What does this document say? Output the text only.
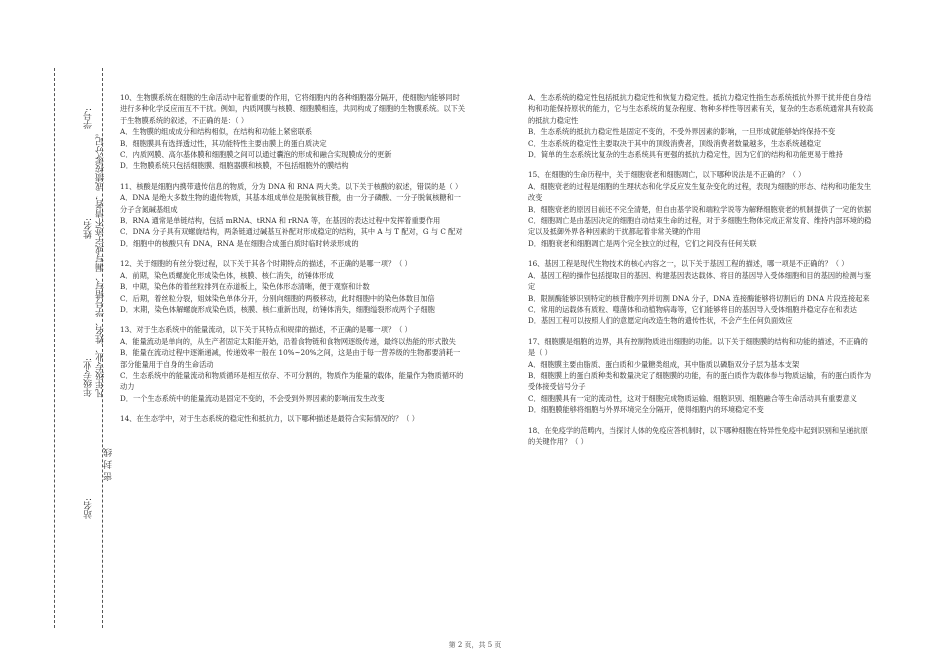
学号:
姓名:
年级专业:
站名:
凡年级专业、姓名、学号错写、漏写或字迹不清者，成绩按零分记。
密 封 线

10、生物膜系统在细胞的生命活动中起着重要的作用，它将细胞内的各种细胞器分隔开，使细胞内能够同时进行多种化学反应而互不干扰。例如，内质网膜与核膜、细胞膜相连，共同构成了细胞的生物膜系统。以下关于生物膜系统的叙述，不正确的是：（ ）

A．生物膜的组成成分和结构相似，在结构和功能上紧密联系

B．细胞膜具有选择透过性，其功能特性主要由膜上的蛋白质决定

C．内质网膜、高尔基体膜和细胞膜之间可以通过囊泡的形成和融合实现膜成分的更新

D．生物膜系统只包括细胞膜、细胞器膜和核膜，不包括细胞外的膜结构

11、核酸是细胞内携带遗传信息的物质，分为 DNA 和 RNA 两大类。以下关于核酸的叙述，错误的是（ ）

A．DNA 是绝大多数生物的遗传物质，其基本组成单位是脱氧核苷酸，由一分子磷酸、一分子脱氧核糖和一分子含氮碱基组成

B．RNA 通常是单链结构，包括 mRNA、tRNA 和 rRNA 等，在基因的表达过程中发挥着重要作用

C．DNA 分子具有双螺旋结构，两条链通过碱基互补配对形成稳定的结构，其中 A 与 T 配对，G 与 C 配对

D．细胞中的核酸只有 DNA，RNA 是在细胞合成蛋白质时临时转录形成的

12、关于细胞的有丝分裂过程，以下关于其各个时期特点的描述，不正确的是哪一项？（ ）

A．前期，染色质螺旋化形成染色体，核膜、核仁消失，纺锤体形成

B．中期，染色体的着丝粒排列在赤道板上，染色体形态清晰，便于观察和计数

C．后期，着丝粒分裂，姐妹染色单体分开，分别向细胞的两极移动，此时细胞中的染色体数目加倍

D．末期，染色体解螺旋形成染色质，核膜、核仁重新出现，纺锤体消失，细胞缢裂形成两个子细胞

13、对于生态系统中的能量流动，以下关于其特点和规律的描述，不正确的是哪一项？（ ）

A．能量流动是单向的，从生产者固定太阳能开始，沿着食物链和食物网逐级传递，最终以热能的形式散失

B．能量在流动过程中逐渐递减，传递效率一般在 10%~20%之间，这是由于每一营养级的生物都要消耗一部分能量用于自身的生命活动

C．生态系统中的能量流动和物质循环是相互依存、不可分割的，物质作为能量的载体，能量作为物质循环的动力

D．一个生态系统中的能量流动是固定不变的，不会受到外界因素的影响而发生改变

14、在生态学中，对于生态系统的稳定性和抵抗力，以下哪种描述是最符合实际情况的？（ ）

A．生态系统的稳定性包括抵抗力稳定性和恢复力稳定性。抵抗力稳定性指生态系统抵抗外界干扰并使自身结构和功能保持原状的能力，它与生态系统的复杂程度、物种多样性等因素有关，复杂的生态系统通常具有较高的抵抗力稳定性

B．生态系统的抵抗力稳定性是固定不变的，不受外界因素的影响，一旦形成就能够始终保持不变

C．生态系统的稳定性主要取决于其中的顶级消费者，顶级消费者数量越多，生态系统越稳定

D．简单的生态系统比复杂的生态系统具有更强的抵抗力稳定性，因为它们的结构和功能更易于维持

15、在细胞的生命历程中，关于细胞衰老和细胞凋亡，以下哪种说法是不正确的？（ ）

A．细胞衰老的过程是细胞的生理状态和化学反应发生复杂变化的过程，表现为细胞的形态、结构和功能发生改变

B．细胞衰老的原因目前还不完全清楚，但自由基学说和端粒学说等为解释细胞衰老的机制提供了一定的依据

C．细胞凋亡是由基因决定的细胞自动结束生命的过程，对于多细胞生物体完成正常发育、维持内部环境的稳定以及抵御外界各种因素的干扰都起着非常关键的作用

D．细胞衰老和细胞凋亡是两个完全独立的过程，它们之间没有任何关联

16、基因工程是现代生物技术的核心内容之一，以下关于基因工程的描述，哪一项是不正确的？（ ）

A．基因工程的操作包括提取目的基因、构建基因表达载体、将目的基因导入受体细胞和目的基因的检测与鉴定

B．限制酶能够识别特定的核苷酸序列并切割 DNA 分子，DNA 连接酶能够将切割后的 DNA 片段连接起来

C．常用的运载体有质粒、噬菌体和动植物病毒等，它们能够将目的基因导入受体细胞并稳定存在和表达

D．基因工程可以按照人们的意愿定向改造生物的遗传性状，不会产生任何负面效应

17、细胞膜是细胞的边界，具有控制物质进出细胞的功能。以下关于细胞膜的结构和功能的描述，不正确的是（ ）

A．细胞膜主要由脂质、蛋白质和少量糖类组成，其中脂质以磷脂双分子层为基本支架

B．细胞膜上的蛋白质种类和数量决定了细胞膜的功能，有的蛋白质作为载体参与物质运输，有的蛋白质作为受体接受信号分子

C．细胞膜具有一定的流动性，这对于细胞完成物质运输、细胞识别、细胞融合等生命活动具有重要意义

D．细胞膜能够将细胞与外界环境完全分隔开，使得细胞内的环境稳定不变

18、在免疫学的范畴内，当探讨人体的免疫应答机制时，以下哪种细胞在特异性免疫中起到识别和呈递抗原的关键作用？（ ）

第 2 页，共 5 页
